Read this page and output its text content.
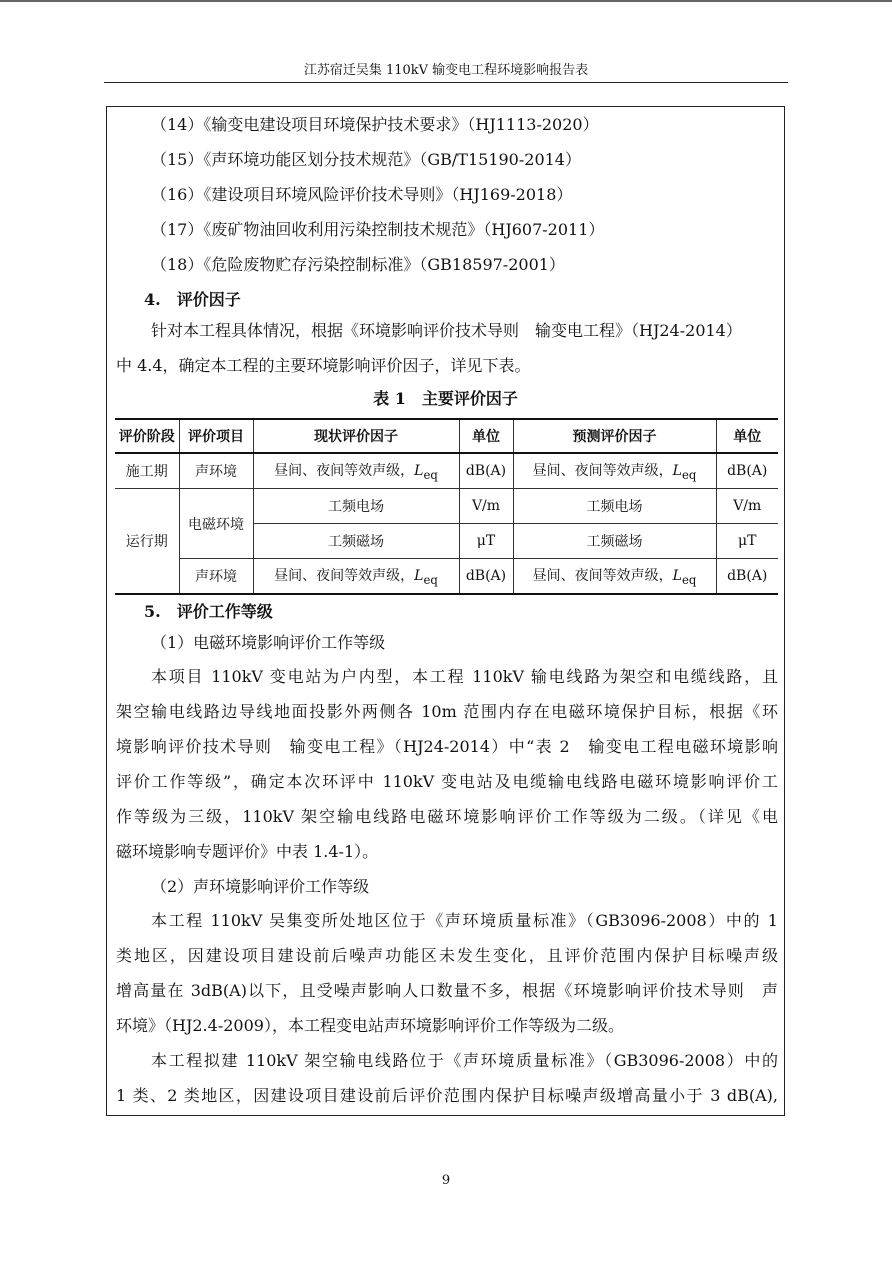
江苏宿迁吴集 110kV 输变电工程环境影响报告表
（14）《输变电建设项目环境保护技术要求》（HJ1113-2020）
（15）《声环境功能区划分技术规范》（GB/T15190-2014）
（16）《建设项目环境风险评价技术导则》（HJ169-2018）
（17）《废矿物油回收利用污染控制技术规范》（HJ607-2011）
（18）《危险废物贮存污染控制标准》（GB18597-2001）
4.　评价因子
针对本工程具体情况，根据《环境影响评价技术导则　输变电工程》（HJ24-2014）
中 4.4，确定本工程的主要环境影响评价因子，详见下表。
表 1　主要评价因子
评价阶段	评价项目	现状评价因子	单位	预测评价因子	单位
施工期	声环境	昼间、夜间等效声级，$L_{eq}$	dB(A)	昼间、夜间等效声级，$L_{eq}$	dB(A)
运行期	电磁环境	工频电场	V/m	工频电场	V/m
		工频磁场	μT	工频磁场	μT
	声环境	昼间、夜间等效声级，$L_{eq}$	dB(A)	昼间、夜间等效声级，$L_{eq}$	dB(A)
5.　评价工作等级
（1）电磁环境影响评价工作等级
本项目 110kV 变电站为户内型，本工程 110kV 输电线路为架空和电缆线路，且
架空输电线路边导线地面投影外两侧各 10m 范围内存在电磁环境保护目标，根据《环
境影响评价技术导则　输变电工程》（HJ24-2014）中“表 2　输变电工程电磁环境影响
评价工作等级”，确定本次环评中 110kV 变电站及电缆输电线路电磁环境影响评价工
作等级为三级，110kV 架空输电线路电磁环境影响评价工作等级为二级。（详见《电
磁环境影响专题评价》中表 1.4-1）。
（2）声环境影响评价工作等级
本工程 110kV 吴集变所处地区位于《声环境质量标准》（GB3096-2008）中的 1
类地区，因建设项目建设前后噪声功能区未发生变化，且评价范围内保护目标噪声级
增高量在 3dB(A)以下，且受噪声影响人口数量不多，根据《环境影响评价技术导则　声
环境》（HJ2.4-2009），本工程变电站声环境影响评价工作等级为二级。
本工程拟建 110kV 架空输电线路位于《声环境质量标准》（GB3096-2008）中的
1 类、2 类地区，因建设项目建设前后评价范围内保护目标噪声级增高量小于 3 dB(A),
9
